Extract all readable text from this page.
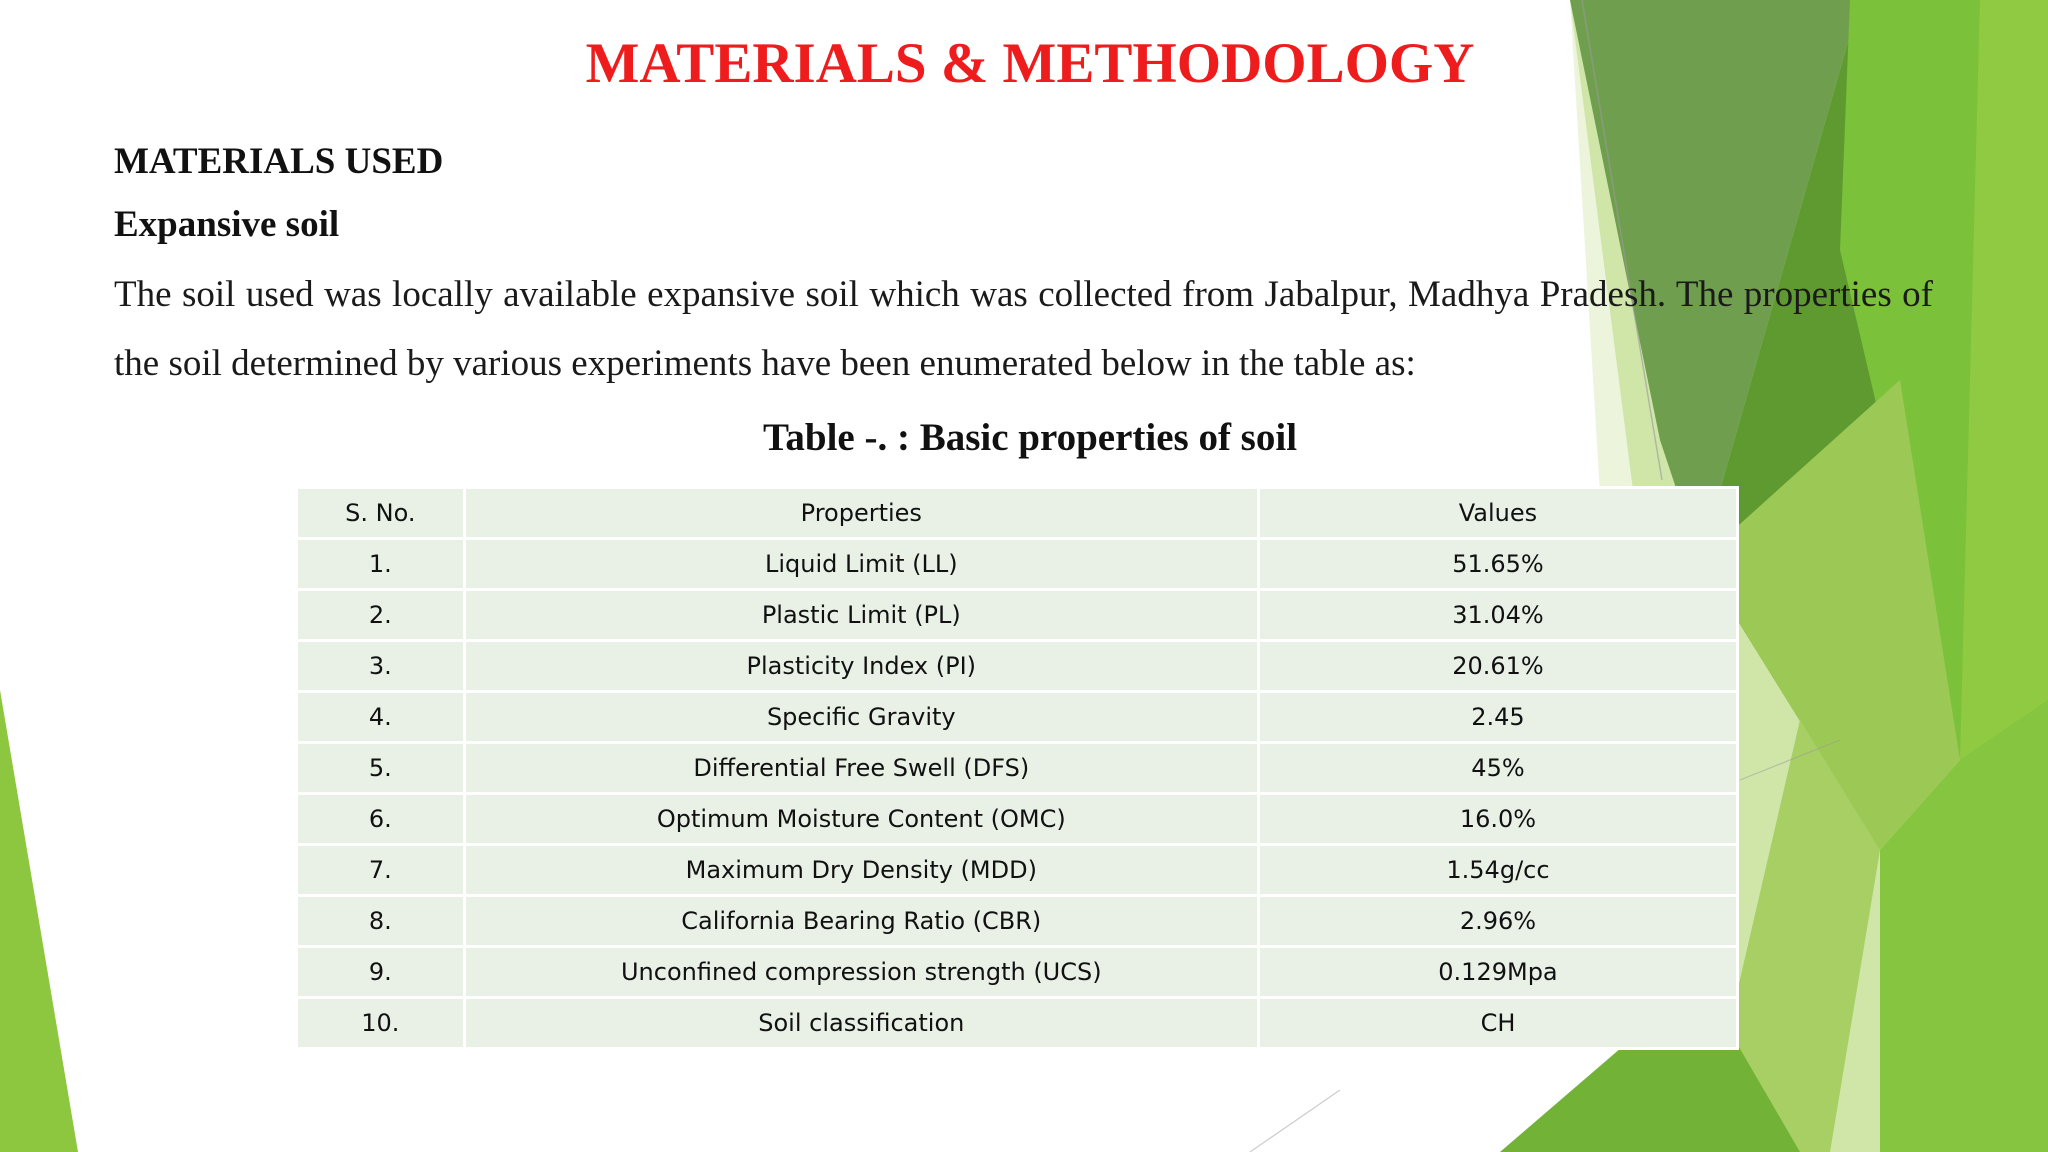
MATERIALS & METHODOLOGY
MATERIALS USED
Expansive soil

The soil used was locally available expansive soil which was collected from Jabalpur, Madhya Pradesh. The properties of the soil determined by various experiments have been enumerated below in the table as:

Table -. : Basic properties of soil
S. No.	Properties	Values
1.	Liquid Limit (LL)	51.65%
2.	Plastic Limit (PL)	31.04%
3.	Plasticity Index (PI)	20.61%
4.	Specific Gravity	2.45
5.	Differential Free Swell (DFS)	45%
6.	Optimum Moisture Content (OMC)	16.0%
7.	Maximum Dry Density (MDD)	1.54g/cc
8.	California Bearing Ratio (CBR)	2.96%
9.	Unconfined compression strength (UCS)	0.129Mpa
10.	Soil classification	CH
